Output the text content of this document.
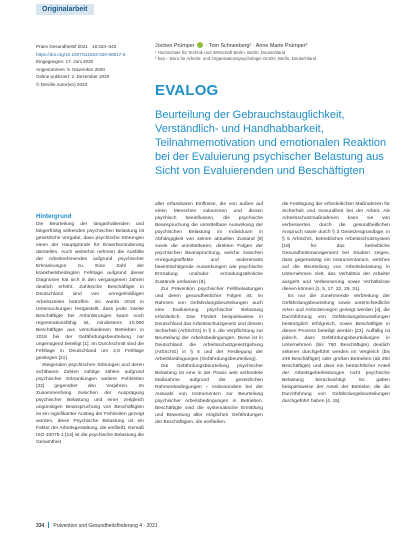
Originalarbeit
Praev Gesundheitsf 2021 · 16:334–343
https://doi.org/10.1007/s11553-020-00817-6
Eingegangen: 17. Juni 2020
Angenommen: 9. November 2020
Online publiziert: 2. Dezember 2020
© Der/die Autor(en) 2020
Jochen Prümper · Tom Schneeberg¹ · Anne Marie Prümper²
¹ Hochschule für Technik und Wirtschaft Berlin, Berlin, Deutschland
² bao – Büro für Arbeits- und Organisationspsychologie GmbH, Berlin, Deutschland
EVALOG
Beurteilung der Gebrauchstauglichkeit, Verständlich- und Handhabbarkeit, Teilnahmemotivation und emotionalen Reaktion bei der Evaluierung psychischer Belastung aus Sicht von Evaluierenden und Beschäftigten
Hintergrund

Die Beurteilung der langanhaltenden und längerfristig wirkenden psychischen Belastung ist gesetzliche Vorgabe, dass psychische Störungen einen der Hauptgründe für Erwerbsminderung darstellen. Auch weiterhin nehmen die Ausfälle der Arbeitnehmenden aufgrund psychischer Erkrankungen zu. Eine Zahl der krankheitsbedingten Fehltage aufgrund dieser Diagnosen hat sich in den vergangenen Jahren deutlich erhöht. Zahlreiche Beschäftigte in Deutschland sind von unregelmäßigen Arbeitszeiten betroffen. So wurde 2018 in Untersuchungen festgestellt, dass jeder zweite Beschäftigte bei Anforderungen kaum noch regenerationsfähig ist, mindestens 10.000 Beschäftigte aus verschiedenen Betrieben in 2018 bei der Gefährdungsbeurteilung nur ungenügend beteiligt [1]. Im Durchschnitt sind die Fehltage in Deutschland um 2,8 Fehltage gestiegen [21].

Steigenden psychischen Störungen und deren sichtbaren Zahlen zufolge zählen aufgrund psychischer Erkrankungen weitere Fehlzeiten [32] gegenüber den Vorjahren. Im Zusammenhang zwischen der Ausprägung psychischer Belastung und einer zeitgleich ungünstigen Beanspruchung von Beschäftigten ist ein signifikanter Anstieg der Fehlzeiten gezeigt worden, diese Psychische Belastung ist ein Faktor der Arbeitsgestaltung, die einfließt. Gemäß ISO 10075-1 [14] ist die psychische Belastung die Gesamtheit

aller erfassbaren Einflüsse, die von außen auf einen Menschen zukommen und diesen psychisch beeinflussen, die psychische Beanspruchung die unmittelbare Auswirkung der psychischen Belastung im Individuum in Abhängigkeit von seinen aktuellen Zustand [9] sowie die unmittelbaren, direkten Folgen der psychischen Beanspruchung, welche zwischen Anregungseffekte und andererseits beeinträchtigende Auswirkungen wie psychische Ermüdung und/oder ermüdungsähnliche Zustände umfassen [9].

Zur Prävention psychischer Fehlbelastungen und deren gesundheitlicher Folgen ist, im Rahmen von Gefährdungsbeurteilungen auch eine Evaluierung psychischer Belastung erforderlich. Das Fördert beispielsweise in Deutschland das Arbeitsschutzgesetz und dessen Sicherheit (ArbSchG) in § 4, die Verpflichtung zur Beurteilung der Arbeitsbedingungen. Diese ist in Deutschland die Arbeitsschutzgesetzgebung (ArbSchG) in § 5 und der Festlegung der Arbeitsbedingungen (Gefährdungsbeurteilung).

Die Gefährdungsbeurteilung psychischer Belastung ist eine in der Praxis weit verbreitete Maßnahme aufgrund der gesetzlichen Rahmenbedingungen – insbesondere bei der Auswahl von Instrumenten zur Beurteilung psychischer Arbeitsbedingungen in Betrieben. Beschäftigte sind die systematische Ermittlung und Bewertung aller möglichen Gefährdungen der Beschäftigten, die einfließen.

die Festlegung der erforderlichen Maßnahmen für Sicherheit und Gesundheit bei der Arbeit. Als Arbeitsschutzmaßnahmen kann sie von verbesserten, durch die gesundheitlichen Anspruch sowie durch § 3 Gesetzesgrundlage, in § 5 ArbSchG, betriebliches Arbeitsschutzsystem [18] für das betriebliche Gesundheitsmanagement bei Studien zeigen, dass gegenwärtig ein Instrumentarium, welches auf die Beurteilung von Arbeitsbelastung in Unternehmen zielt, das Verhältnis der Arbeiter ausgeht und Verbesserung sowie Verhältnisse dienen können [1, 5, 17, 22, 29, 31].

Es nur die zunehmende Verbreitung der Gefährdungsbeurteilung sowie unterschiedliche Arten und Anforderungen gezeigt werden [4], die Durchführung von Gefährdungsbeurteilungen bestmöglich erfolgreich, sowie Beschäftigte in diesen Prozess beteiligt werden [23]. Auffällig ist jedoch, dass Gefährdungsbeurteilungen in Unternehmen (bis 760 Beschäftigte) deutlich seltener durchgeführt werden im Vergleich (bis 249 Beschäftigte) oder großen Betrieben (ab 250 Beschäftigte) und dass ein beträchtlicher Anteil der Arbeitsgeberleistungen nicht psychische Belastung berücksichtigt. So gaben beispielsweise der Anteil der Betriebe, die die Durchführung von Gefährdungsbeurteilungen durchgeführt haben [4, 15].

334 Prävention und Gesundheitsförderung 4 · 2021
